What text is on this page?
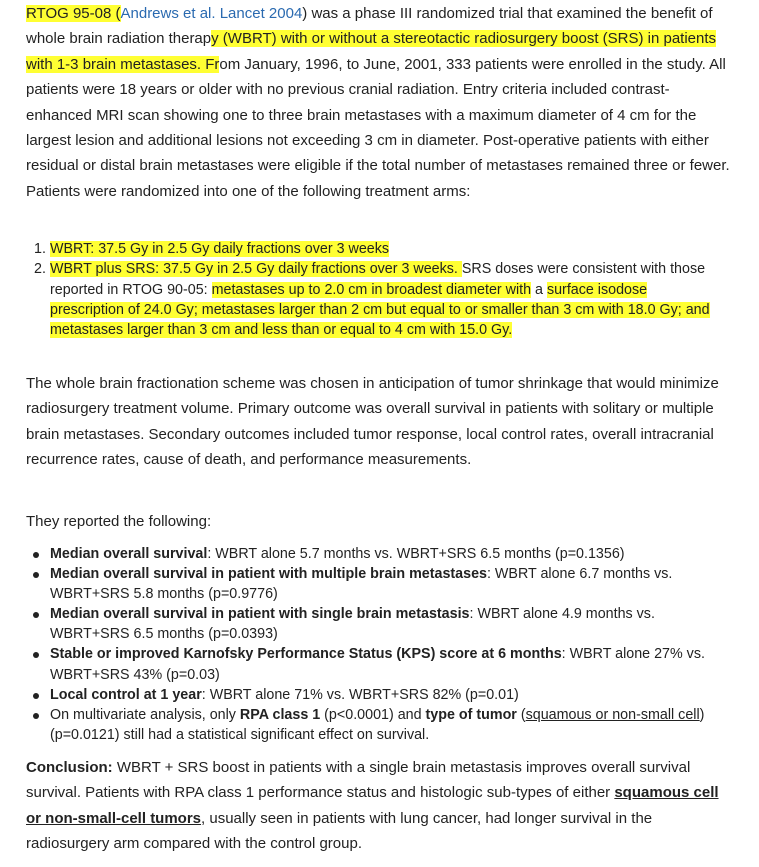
RTOG 95-08 (Andrews et al. Lancet 2004) was a phase III randomized trial that examined the benefit of whole brain radiation therapy (WBRT) with or without a stereotactic radiosurgery boost (SRS) in patients with 1-3 brain metastases. From January, 1996, to June, 2001, 333 patients were enrolled in the study. All patients were 18 years or older with no previous cranial radiation. Entry criteria included contrast-enhanced MRI scan showing one to three brain metastases with a maximum diameter of 4 cm for the largest lesion and additional lesions not exceeding 3 cm in diameter. Post-operative patients with either residual or distal brain metastases were eligible if the total number of metastases remained three or fewer. Patients were randomized into one of the following treatment arms:

1. WBRT: 37.5 Gy in 2.5 Gy daily fractions over 3 weeks
2. WBRT plus SRS: 37.5 Gy in 2.5 Gy daily fractions over 3 weeks. SRS doses were consistent with those reported in RTOG 90-05: metastases up to 2.0 cm in broadest diameter with a surface isodose prescription of 24.0 Gy; metastases larger than 2 cm but equal to or smaller than 3 cm with 18.0 Gy; and metastases larger than 3 cm and less than or equal to 4 cm with 15.0 Gy.

The whole brain fractionation scheme was chosen in anticipation of tumor shrinkage that would minimize radiosurgery treatment volume. Primary outcome was overall survival in patients with solitary or multiple brain metastases. Secondary outcomes included tumor response, local control rates, overall intracranial recurrence rates, cause of death, and performance measurements.

They reported the following:

Median overall survival: WBRT alone 5.7 months vs. WBRT+SRS 6.5 months (p=0.1356)
Median overall survival in patient with multiple brain metastases: WBRT alone 6.7 months vs. WBRT+SRS 5.8 months (p=0.9776)
Median overall survival in patient with single brain metastasis: WBRT alone 4.9 months vs. WBRT+SRS 6.5 months (p=0.0393)
Stable or improved Karnofsky Performance Status (KPS) score at 6 months: WBRT alone 27% vs. WBRT+SRS 43% (p=0.03)
Local control at 1 year: WBRT alone 71% vs. WBRT+SRS 82% (p=0.01)
On multivariate analysis, only RPA class 1 (p<0.0001) and type of tumor (squamous or non-small cell) (p=0.0121) still had a statistical significant effect on survival.

Conclusion: WBRT + SRS boost in patients with a single brain metastasis improves overall survival survival. Patients with RPA class 1 performance status and histologic sub-types of either squamous cell or non-small-cell tumors, usually seen in patients with lung cancer, had longer survival in the radiosurgery arm compared with the control group.
